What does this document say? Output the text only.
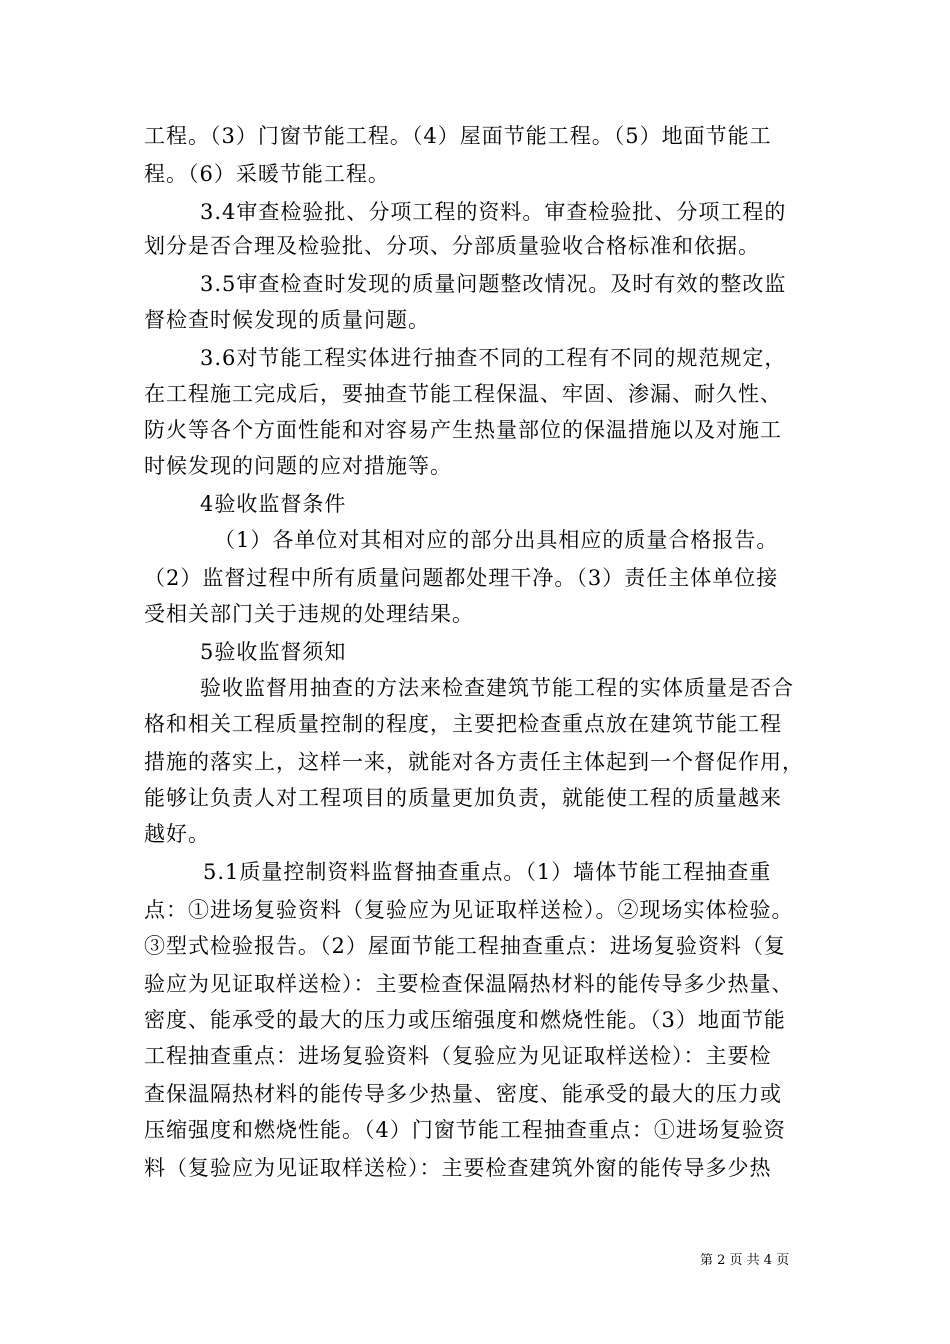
工程。（3）门窗节能工程。（4）屋面节能工程。（5）地面节能工
程。（6）采暖节能工程。
3.4审查检验批、分项工程的资料。审查检验批、分项工程的
划分是否合理及检验批、分项、分部质量验收合格标准和依据。
3.5审查检查时发现的质量问题整改情况。及时有效的整改监
督检查时候发现的质量问题。
3.6对节能工程实体进行抽查不同的工程有不同的规范规定，
在工程施工完成后，要抽查节能工程保温、牢固、渗漏、耐久性、
防火等各个方面性能和对容易产生热量部位的保温措施以及对施工
时候发现的问题的应对措施等。
4验收监督条件
（1）各单位对其相对应的部分出具相应的质量合格报告。
（2）监督过程中所有质量问题都处理干净。（3）责任主体单位接
受相关部门关于违规的处理结果。
5验收监督须知
验收监督用抽查的方法来检查建筑节能工程的实体质量是否合
格和相关工程质量控制的程度，主要把检查重点放在建筑节能工程
措施的落实上，这样一来，就能对各方责任主体起到一个督促作用，
能够让负责人对工程项目的质量更加负责，就能使工程的质量越来
越好。
5.1质量控制资料监督抽查重点。（1）墙体节能工程抽查重
点：①进场复验资料（复验应为见证取样送检）。②现场实体检验。
③型式检验报告。（2）屋面节能工程抽查重点：进场复验资料（复
验应为见证取样送检）：主要检查保温隔热材料的能传导多少热量、
密度、能承受的最大的压力或压缩强度和燃烧性能。（3）地面节能
工程抽查重点：进场复验资料（复验应为见证取样送检）：主要检
查保温隔热材料的能传导多少热量、密度、能承受的最大的压力或
压缩强度和燃烧性能。（4）门窗节能工程抽查重点：①进场复验资
料（复验应为见证取样送检）：主要检查建筑外窗的能传导多少热
第 2 页 共 4 页
